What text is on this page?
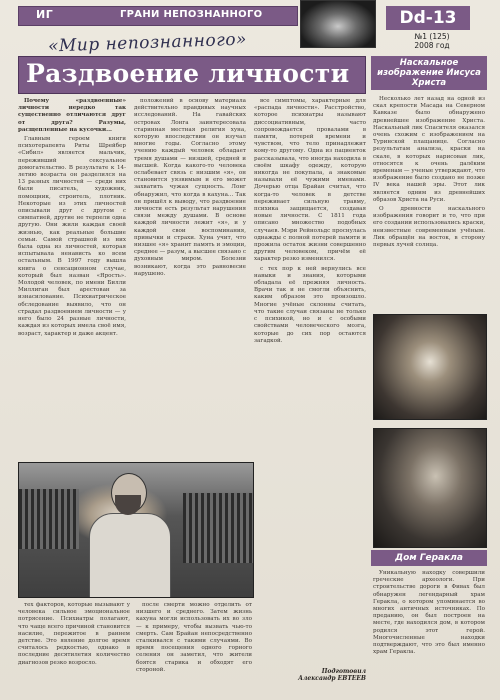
ИГ	ГРАНИ НЕПОЗНАННОГО	Dd-13
№1 (125)
2008 год
«Мир непознанного»
Раздвоение личности

Почему «раздвоенные» личности нередко так существенно отличаются друг от друга? Разумы, расщепленные на кусочки...

Главным героем книги психотерапевта Риты Шрейбер «Сибил» является мальчик, переживший сексуальное домогательство. В результате к 14-летию возраста он разделился на 13 разных личностей — среди них были писатель, художник, помощник, строитель, плотник. Некоторые из этих личностей описывали друг с другом с симпатией, другие не терпели одна другую. Они жили каждая своей жизнью, как реальные большие семьи. Самой страшной из них была одна из личностей, которая испытывала ненависть ко всем остальным. В 1997 году вышла книга о сенсационном случае, который был назван «Ярость». Молодой человек, по имени Билли Миллиган был арестован за изнасилование. Психиатрическое обследование выявило, что он страдал раздвоением личности — у него было 24 разные личности, каждая из которых имела своё имя, возраст, характер и даже акцент.

положений в основу материала действительно правдивых научных исследований. На гавайских островах Лонга заинтересовала старинная местная религия хуна, которую впоследствии он изучал многие годы. Согласно этому учению каждый человек обладает тремя душами — низшей, средней и высшей. Когда какого-то человека ослабевает связь с низшим «я», он становится уязвимым и его может захватить чужая сущность. Лонг обнаружил, что когда в кахуна... Так он пришёл к выводу, что раздвоение личности есть результат нарушения связи между душами. В основе каждой личности лежит «я», и у каждой свои воспоминания, привычки и страхи. Хуна учит, что низшее «я» хранит память и эмоции, среднее — разум, а высшее связано с духовным миром. Болезни возникают, когда это равновесие нарушено.

все симптомы, характерные для «распада личности». Расстройство, которое психиатры называют диссоциативным, часто сопровождается провалами в памяти, потерей времени и чувством, что тело принадлежит кому-то другому. Одна из пациенток рассказывала, что иногда находила в своём шкафу одежду, которую никогда не покупала, а знакомые называли её чужими именами. Дочерью отца Брайан считал, что когда-то человек в детстве переживает сильную травму, психика защищается, создавая новые личности. С 1811 года описано множество подобных случаев. Мэри Рейнольдс проснулась однажды с полной потерей памяти и прожила остаток жизни совершенно другим человеком, причём её характер резко изменился.

с тех пор к ней вернулись все навыки и знания, которыми обладала её прежняя личность. Врачи так и не смогли объяснить, каким образом это произошло. Многие учёные склонны считать, что такие случаи связаны не только с психикой, но и с особыми свойствами человеческого мозга, которые до сих пор остаются загадкой.

тех факторов, которые вызывают у человека сильное эмоциональное потрясение. Психиатры полагают, что чаще всего причиной становится насилие, пережитое в раннем детстве. Это явление долгое время считалось редкостью, однако в последние десятилетия количество диагнозов резко возросло.

после смерти можно отделить от низшего и среднего. Затем жизнь кахуна могли использовать их во зло — к примеру, чтобы вызвать чью-то смерть. Сам Брайан непосредственно сталкивался с такими случаями. Во время посещения одного горного селения он заметил, что жители боятся старика и обходят его стороной.	Подготовил
Александр ЕВТЕЕВ
Наскальное изображение Иисуса Христа

Несколько лет назад на одной из скал крепости Масада на Северном Кавказе было обнаружено древнейшее изображение Христа. Наскальный лик Спасителя оказался очень схожим с изображением на Туринской плащанице. Согласно результатам анализа, краски на скале, в которых нарисован лик, относятся к очень далёким временам — ученые утверждают, что изображение было создано не позже IV века нашей эры. Этот лик является одним из древнейших образов Христа на Руси.

О древности наскального изображения говорит и то, что при его создании использовались краски, неизвестные современным учёным. Лик обращён на восток, в сторону первых лучей солнца.

Дом Геракла

Уникальную находку совершили греческие археологи. При строительстве дороги в Фивах был обнаружен легендарный храм Геракла, о котором упоминается во многих античных источниках. По преданию, он был построен на месте, где находился дом, в котором родился этот герой. Многочисленные находки подтверждают, что это был именно храм Геракла.
